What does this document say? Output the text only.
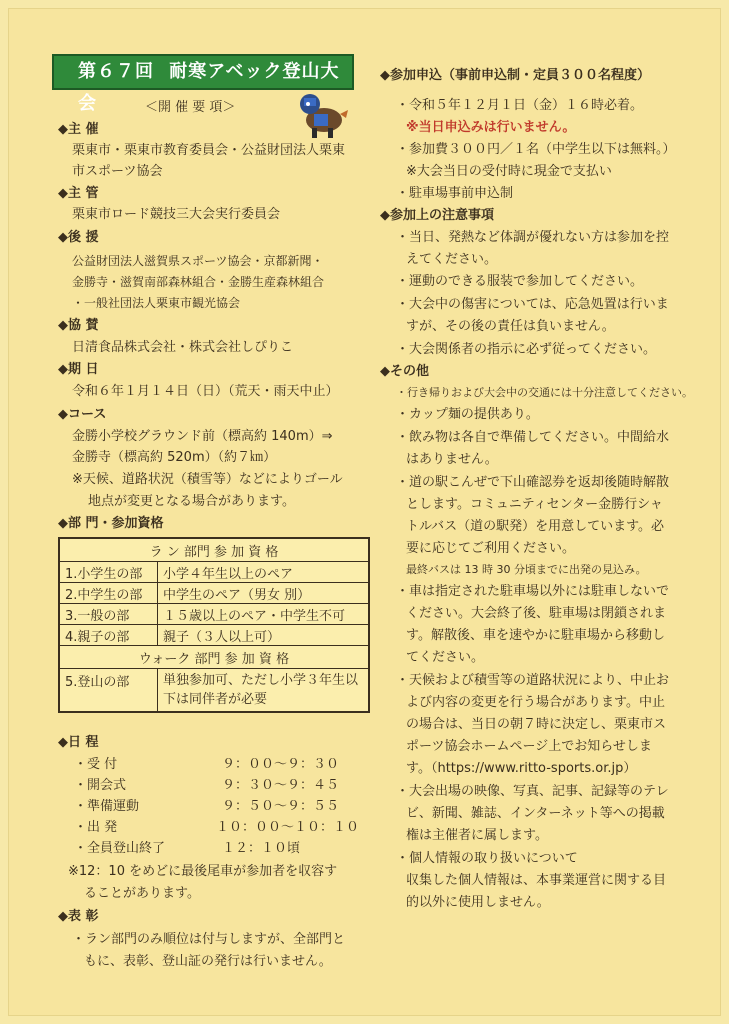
第６７回 耐寒アベック登山大会	＜開 催 要 項＞
◆主 催
栗東市・栗東市教育委員会・公益財団法人栗東
市スポーツ協会
◆主 管
栗東市ロード競技三大会実行委員会
◆後 援
公益財団法人滋賀県スポーツ協会・京都新聞・
金勝寺・滋賀南部森林組合・金勝生産森林組合
・一般社団法人栗東市観光協会
◆協 賛
日清食品株式会社・株式会社しぴりこ
◆期 日
令和６年１月１４日（日）（荒天・雨天中止）
◆コース
金勝小学校グラウンド前（標高約 140m）⇒
金勝寺（標高約 520m）（約７㎞）
※天候、道路状況（積雪等）などによりゴール
地点が変更となる場合があります。
◆部 門・参加資格
ラ ン 部門 参 加 資 格
1.小学生の部	小学４年生以上のペア
2.中学生の部	中学生のペア（男女 別）
3.一般の部	１５歳以上のペア・中学生不可
4.親子の部	親子（３人以上可）
ウォーク 部門 参 加 資 格
5.登山の部	単独参加可、ただし小学３年生以
下は同伴者が必要
◆日 程
・受 付	９：００～９：３０
・開会式	９：３０～９：４５
・準備運動	９：５０～９：５５
・出 発	１０：００～１０：１０
・全員登山終了	１２：１０頃
※12：10 をめどに最後尾車が参加者を収容す
ることがあります。
◆表 彰
・ラン部門のみ順位は付与しますが、全部門と
もに、表彰、登山証の発行は行いません。
◆参加申込（事前申込制・定員３００名程度）
・令和５年１２月１日（金）１６時必着。
※当日申込みは行いません。
・参加費３００円／１名（中学生以下は無料。）
※大会当日の受付時に現金で支払い
・駐車場事前申込制
◆参加上の注意事項
・当日、発熱など体調が優れない方は参加を控
えてください。
・運動のできる服装で参加してください。
・大会中の傷害については、応急処置は行いま
すが、その後の責任は負いません。
・大会関係者の指示に必ず従ってください。
◆その他
・行き帰りおよび大会中の交通には十分注意してください。
・カップ麺の提供あり。
・飲み物は各自で準備してください。中間給水
はありません。
・道の駅こんぜで下山確認券を返却後随時解散
とします。コミュニティセンター金勝行シャ
トルバス（道の駅発）を用意しています。必
要に応じてご利用ください。
最終バスは 13 時 30 分頃までに出発の見込み。
・車は指定された駐車場以外には駐車しないで
ください。大会終了後、駐車場は閉鎖されま
す。解散後、車を速やかに駐車場から移動し
てください。
・天候および積雪等の道路状況により、中止お
よび内容の変更を行う場合があります。中止
の場合は、当日の朝７時に決定し、栗東市ス
ポーツ協会ホームページ上でお知らせしま
す。（https://www.ritto-sports.or.jp）
・大会出場の映像、写真、記事、記録等のテレ
ビ、新聞、雑誌、インターネット等への掲載
権は主催者に属します。
・個人情報の取り扱いについて
収集した個人情報は、本事業運営に関する目
的以外に使用しません。
